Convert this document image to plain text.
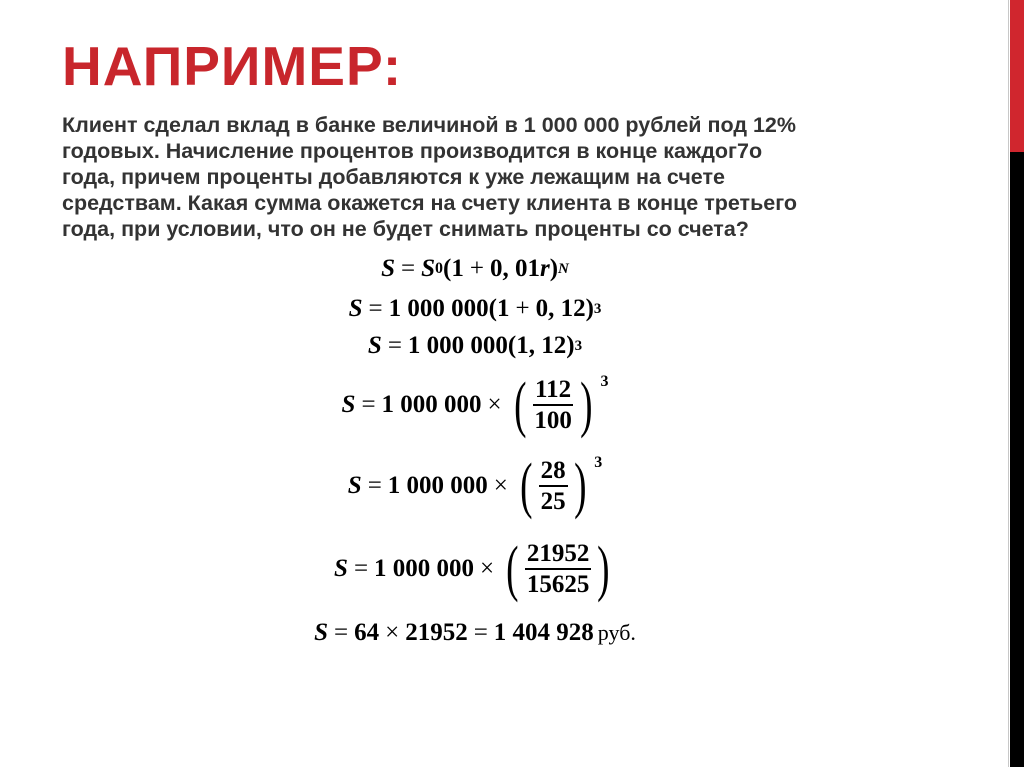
НАПРИМЕР:
Клиент сделал вклад в банке величиной в 1 000 000 рублей под 12%
годовых. Начисление процентов производится в конце каждог7о
года, причем проценты добавляются к уже лежащим на счете
средствам. Какая сумма окажется на счету клиента в конце третьего
года, при условии, что он не будет снимать проценты со счета?
S = S 0 (1 + 0, 01 r ) N
S = 1 000 000(1 + 0, 12) 3
S = 1 000 000(1, 12) 3
S = 1 000 000 × ( $\frac{112}{100}$ ) 3
S = 1 000 000 × ( $\frac{28}{25}$ ) 3
S = 1 000 000 × ( $\frac{21952}{15625}$ )
S = 64 × 21952 = 1 404 928 руб.
